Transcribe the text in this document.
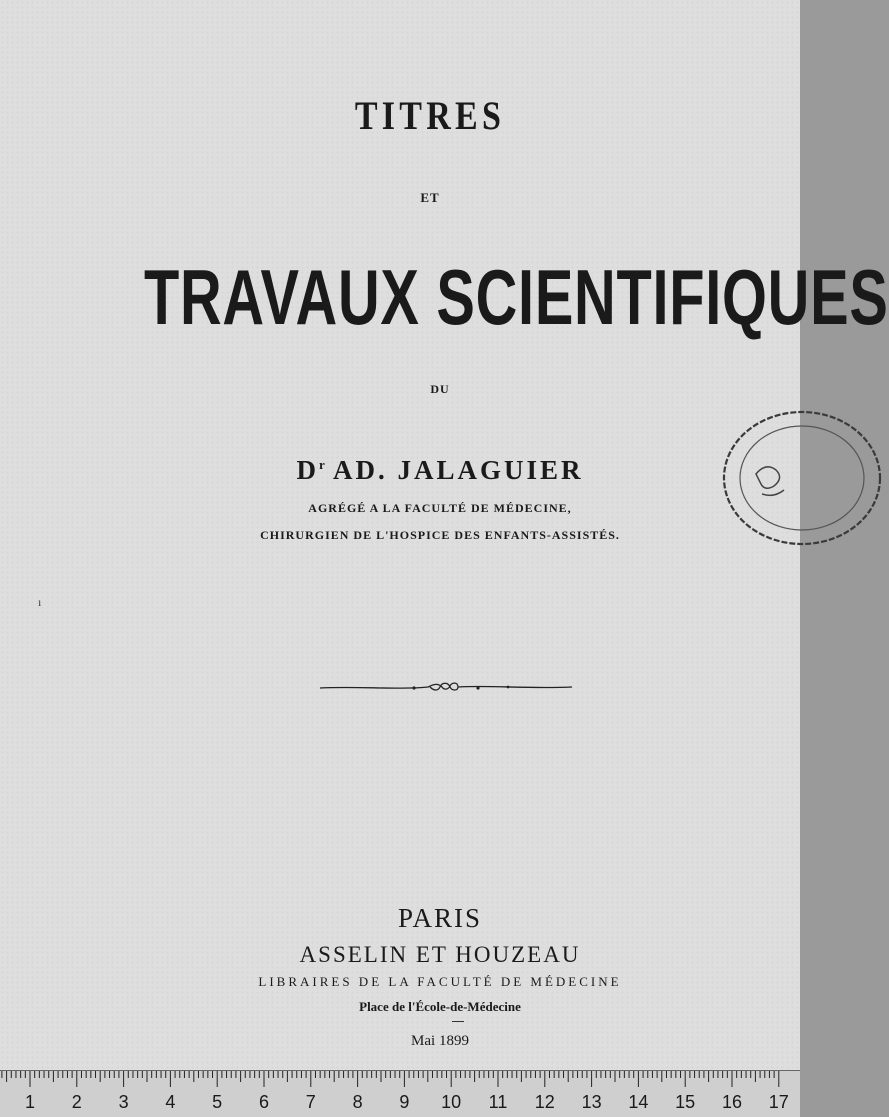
TITRES
ET
TRAVAUX SCIENTIFIQUES
DU
$D^r$ AD. JALAGUIER
AGRÉGÉ A LA FACULTÉ DE MÉDECINE,
CHIRURGIEN DE L'HOSPICE DES ENFANTS-ASSISTÉS.
PARIS
ASSELIN ET HOUZEAU
LIBRAIRES DE LA FACULTÉ DE MÉDECINE
Place de l'École-de-Médecine
Mai 1899
ı
1 2 3 4 5 6 7 8 9 10 11 12 13 14 15 16 17
